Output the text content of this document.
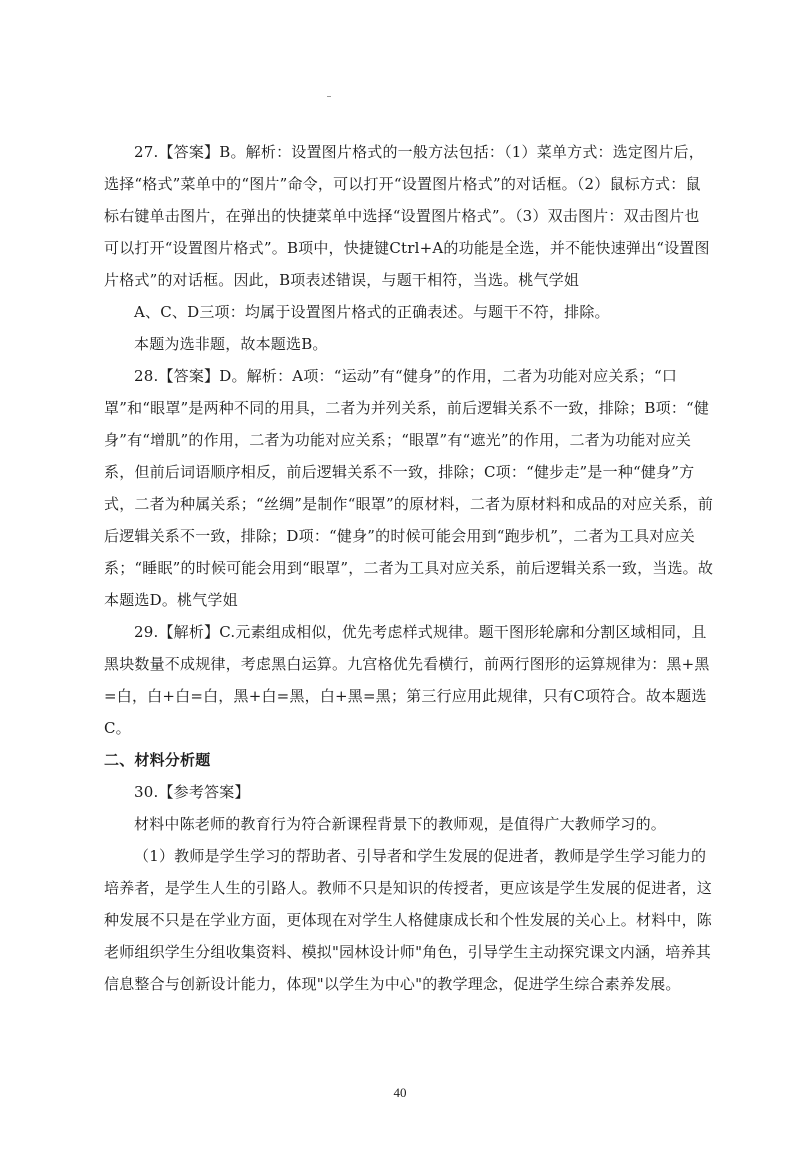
27.【答案】B。解析：设置图片格式的一般方法包括：（1）菜单方式：选定图片后，选择“格式”菜单中的“图片”命令，可以打开“设置图片格式”的对话框。（2）鼠标方式：鼠标右键单击图片，在弹出的快捷菜单中选择“设置图片格式”。（3）双击图片：双击图片也可以打开“设置图片格式”。B项中，快捷键Ctrl+A的功能是全选，并不能快速弹出“设置图片格式”的对话框。因此，B项表述错误，与题干相符，当选。桃气学姐

A、C、D三项：均属于设置图片格式的正确表述。与题干不符，排除。

本题为选非题，故本题选B。

28.【答案】D。解析：A项：“运动”有“健身”的作用，二者为功能对应关系；“口罩”和“眼罩”是两种不同的用具，二者为并列关系，前后逻辑关系不一致，排除；B项：“健身”有“增肌”的作用，二者为功能对应关系；“眼罩”有“遮光”的作用，二者为功能对应关系，但前后词语顺序相反，前后逻辑关系不一致，排除；C项：“健步走”是一种“健身”方式，二者为种属关系；“丝绸”是制作“眼罩”的原材料，二者为原材料和成品的对应关系，前后逻辑关系不一致，排除；D项：“健身”的时候可能会用到“跑步机”，二者为工具对应关系；“睡眠”的时候可能会用到“眼罩”，二者为工具对应关系，前后逻辑关系一致，当选。故本题选D。桃气学姐

29.【解析】C.元素组成相似，优先考虑样式规律。题干图形轮廓和分割区域相同，且黑块数量不成规律，考虑黑白运算。九宫格优先看横行，前两行图形的运算规律为：黑+黑=白，白+白=白，黑+白=黑，白+黑=黑；第三行应用此规律，只有C项符合。故本题选C。

二、材料分析题

30.【参考答案】

材料中陈老师的教育行为符合新课程背景下的教师观，是值得广大教师学习的。

（1）教师是学生学习的帮助者、引导者和学生发展的促进者，教师是学生学习能力的培养者，是学生人生的引路人。教师不只是知识的传授者，更应该是学生发展的促进者，这种发展不只是在学业方面，更体现在对学生人格健康成长和个性发展的关心上。材料中，陈老师组织学生分组收集资料、模拟"园林设计师"角色，引导学生主动探究课文内涵，培养其信息整合与创新设计能力，体现"以学生为中心"的教学理念，促进学生综合素养发展。

40
